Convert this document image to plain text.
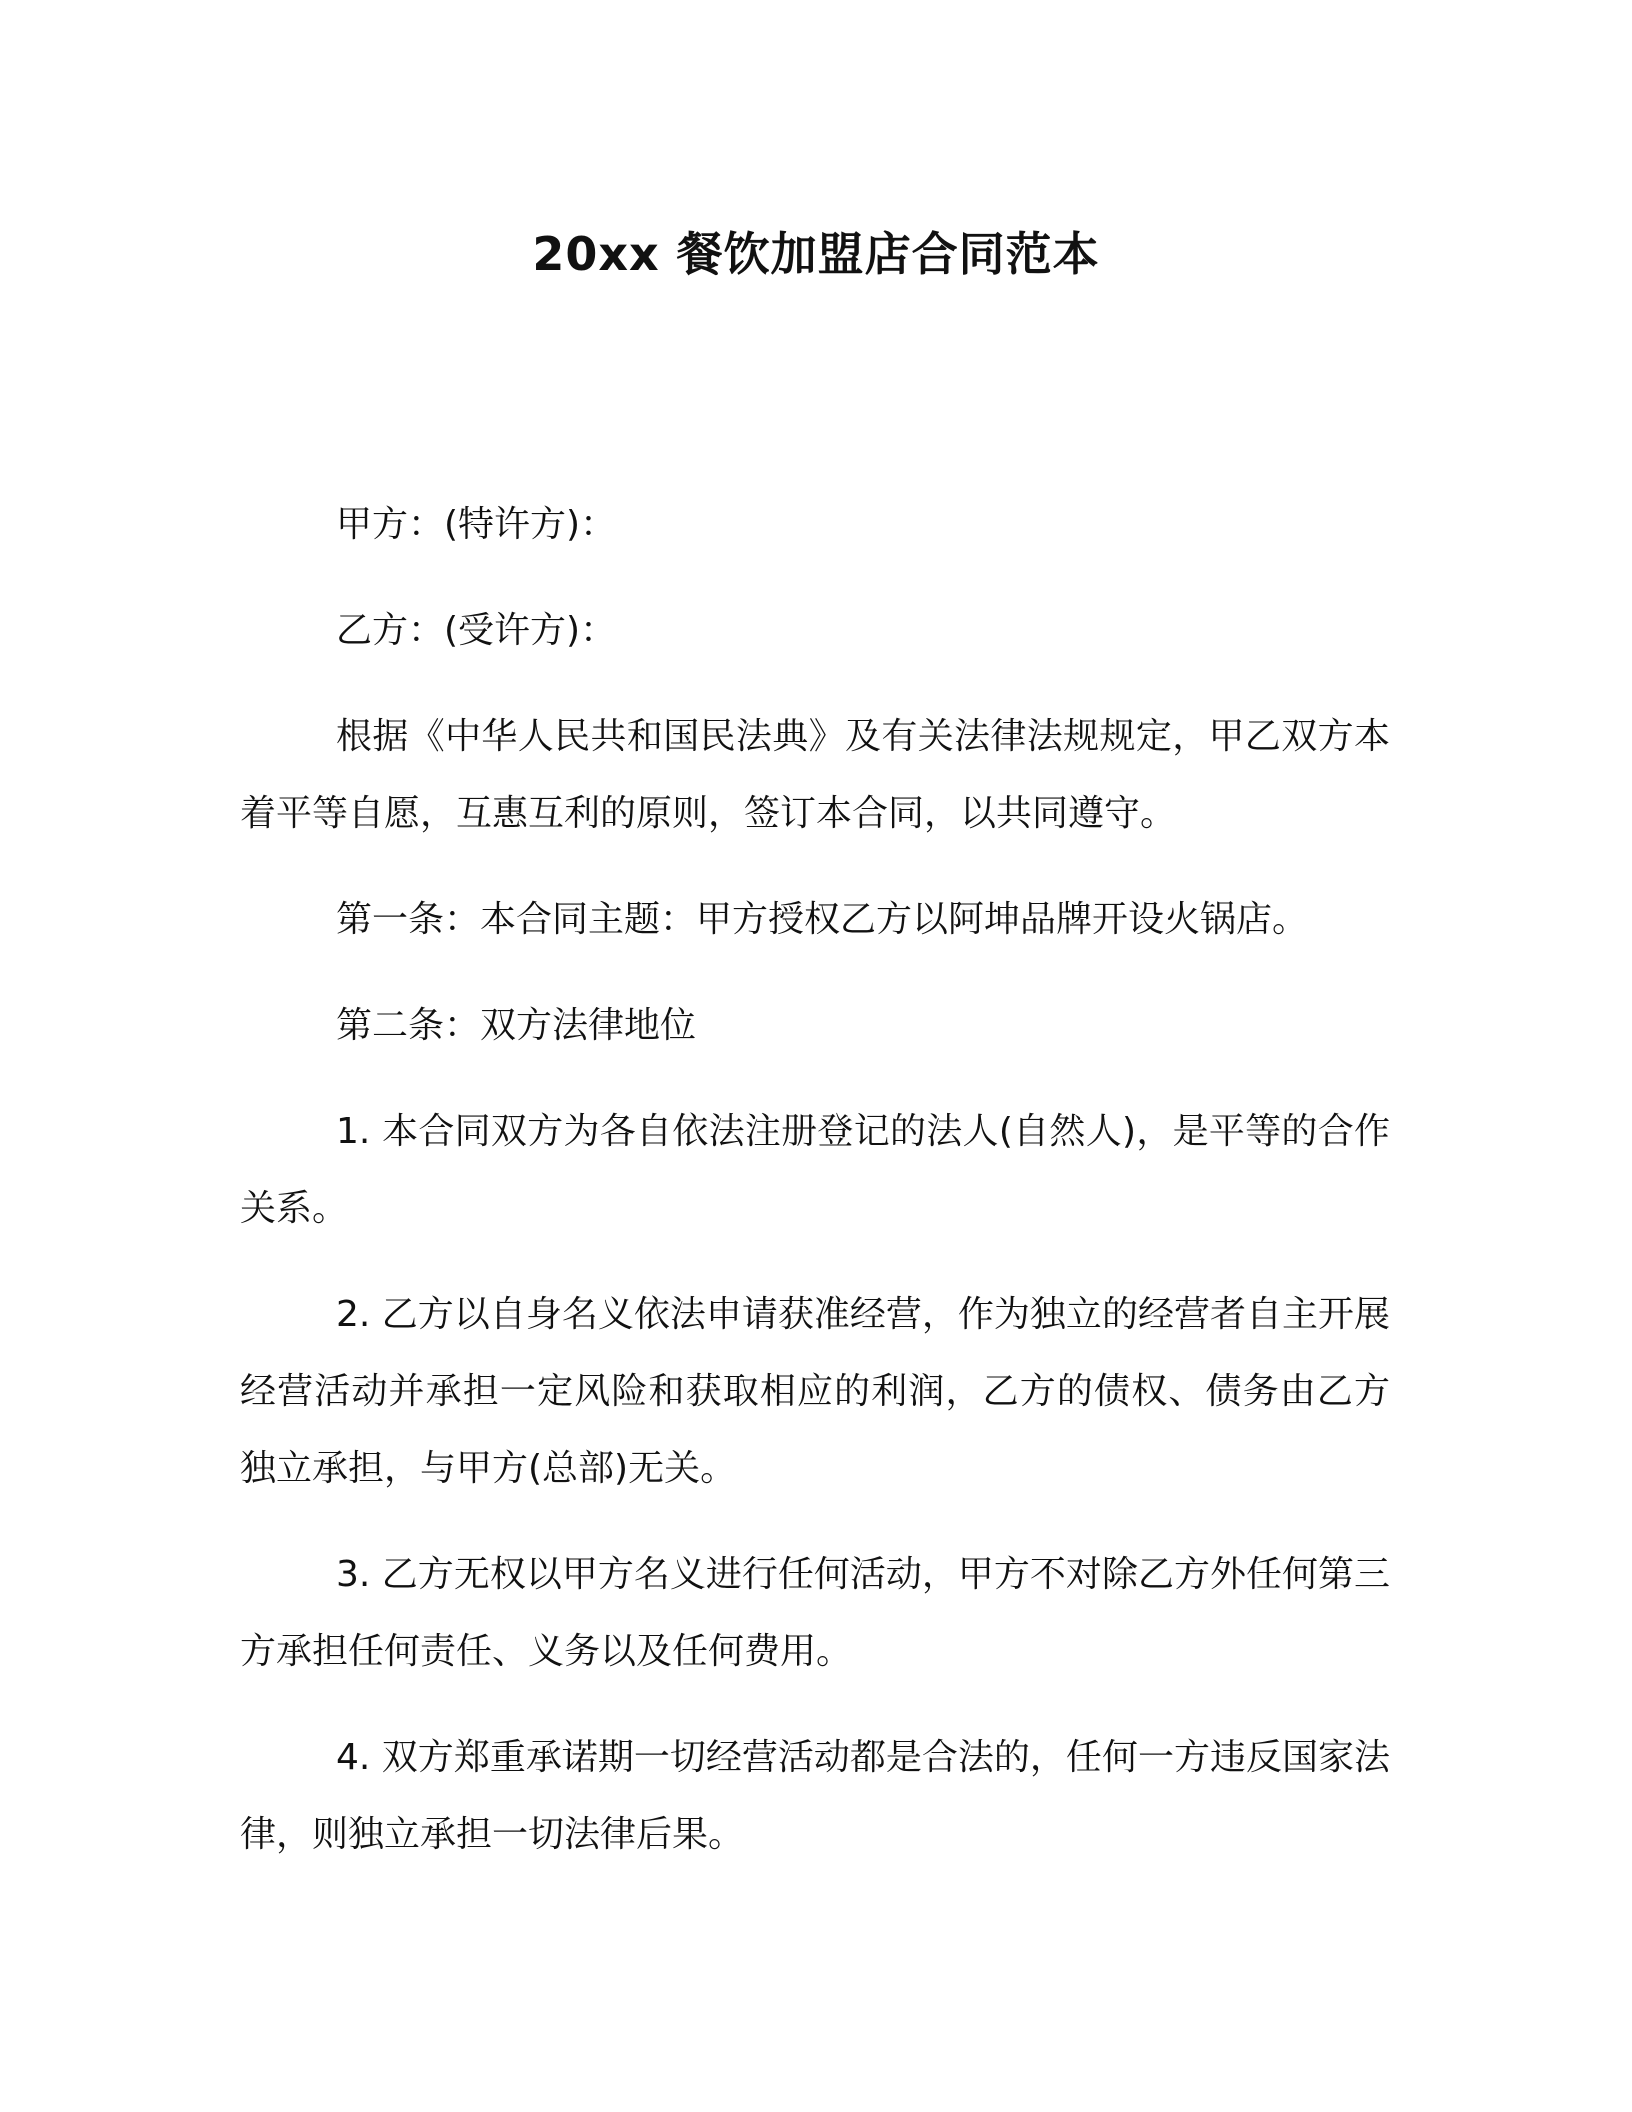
20xx 餐饮加盟店合同范本

甲方：(特许方)：

乙方：(受许方)：

根据《中华人民共和国民法典》及有关法律法规规定，甲乙双方本着平等自愿，互惠互利的原则，签订本合同，以共同遵守。

第一条：本合同主题：甲方授权乙方以阿坤品牌开设火锅店。

第二条：双方法律地位

1. 本合同双方为各自依法注册登记的法人(自然人)，是平等的合作关系。

2. 乙方以自身名义依法申请获准经营，作为独立的经营者自主开展经营活动并承担一定风险和获取相应的利润，乙方的债权、债务由乙方独立承担，与甲方(总部)无关。

3. 乙方无权以甲方名义进行任何活动，甲方不对除乙方外任何第三方承担任何责任、义务以及任何费用。

4. 双方郑重承诺期一切经营活动都是合法的，任何一方违反国家法律，则独立承担一切法律后果。
